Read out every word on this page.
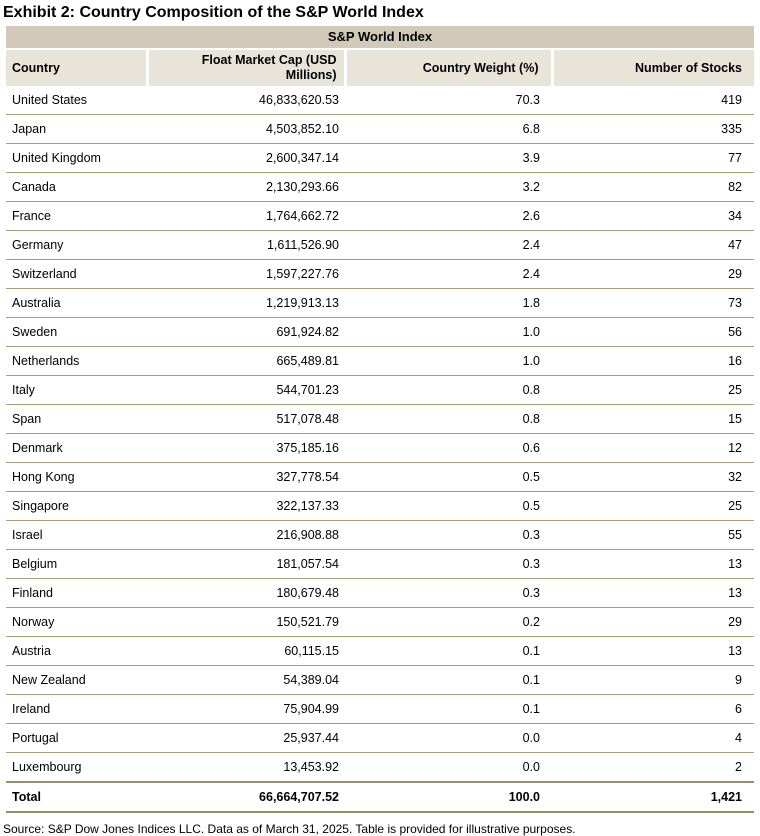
Exhibit 2: Country Composition of the S&P World Index
S&P World Index
Country	Float Market Cap (USD Millions)	Country Weight (%)	Number of Stocks
United States	46,833,620.53	70.3	419
Japan	4,503,852.10	6.8	335
United Kingdom	2,600,347.14	3.9	77
Canada	2,130,293.66	3.2	82
France	1,764,662.72	2.6	34
Germany	1,611,526.90	2.4	47
Switzerland	1,597,227.76	2.4	29
Australia	1,219,913.13	1.8	73
Sweden	691,924.82	1.0	56
Netherlands	665,489.81	1.0	16
Italy	544,701.23	0.8	25
Span	517,078.48	0.8	15
Denmark	375,185.16	0.6	12
Hong Kong	327,778.54	0.5	32
Singapore	322,137.33	0.5	25
Israel	216,908.88	0.3	55
Belgium	181,057.54	0.3	13
Finland	180,679.48	0.3	13
Norway	150,521.79	0.2	29
Austria	60,115.15	0.1	13
New Zealand	54,389.04	0.1	9
Ireland	75,904.99	0.1	6
Portugal	25,937.44	0.0	4
Luxembourg	13,453.92	0.0	2
Total	66,664,707.52	100.0	1,421
Source: S&P Dow Jones Indices LLC. Data as of March 31, 2025. Table is provided for illustrative purposes.
